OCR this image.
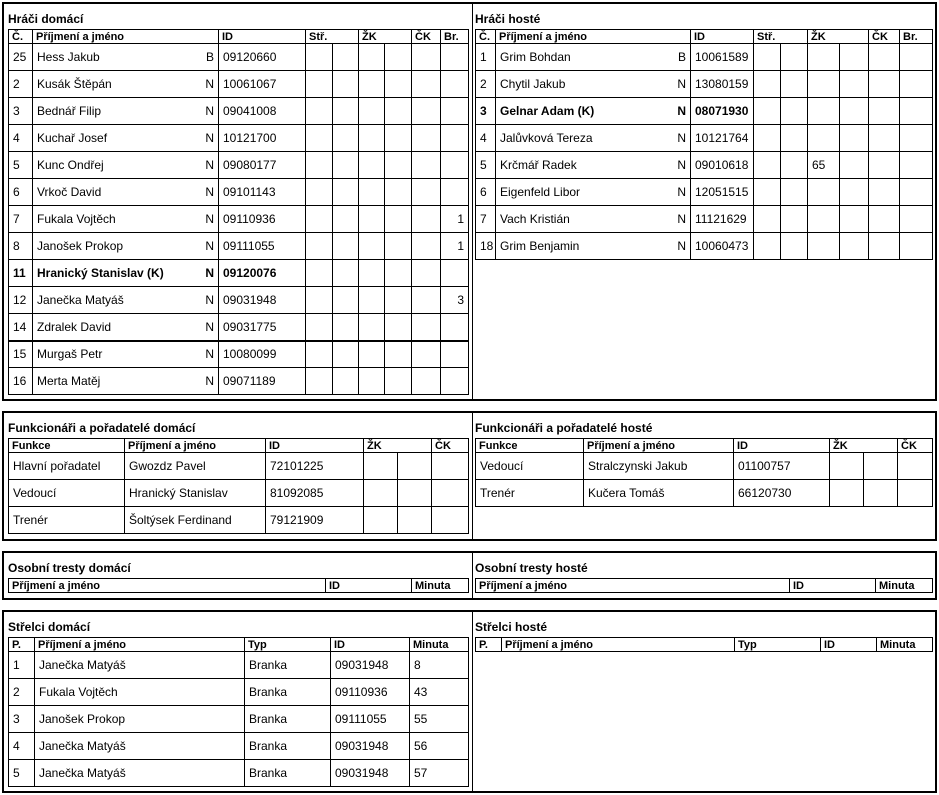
Hráči domácí
Č.	Příjmení a jméno	ID	Stř.		ŽK		ČK	Br.
25	Hess Jakub B	09120660						
2	Kusák Štěpán N	10061067						
3	Bednář Filip N	09041008						
4	Kuchař Josef N	10121700						
5	Kunc Ondřej N	09080177						
6	Vrkoč David N	09101143						
7	Fukala Vojtěch N	09110936						1
8	Janošek Prokop N	09111055						1
11	Hranický Stanislav (K) N	09120076						
12	Janečka Matyáš N	09031948						3
14	Zdralek David N	09031775						
15	Murgaš Petr N	10080099						
16	Merta Matěj N	09071189						
Hráči hosté
Č.	Příjmení a jméno	ID	Stř.		ŽK		ČK	Br.
1	Grim Bohdan B	10061589						
2	Chytil Jakub N	13080159						
3	Gelnar Adam (K) N	08071930						
4	Jalůvková Tereza N	10121764						
5	Krčmář Radek N	09010618			65			
6	Eigenfeld Libor N	12051515						
7	Vach Kristián N	11121629						
18	Grim Benjamin N	10060473						
Funkcionáři a pořadatelé domácí
Funkce	Příjmení a jméno	ID	ŽK		ČK
Hlavní pořadatel	Gwozdz Pavel	72101225			
Vedoucí	Hranický Stanislav	81092085			
Trenér	Šoltýsek Ferdinand	79121909			
Funkcionáři a pořadatelé hosté
Funkce	Příjmení a jméno	ID	ŽK		ČK
Vedoucí	Stralczynski Jakub	01100757			
Trenér	Kučera Tomáš	66120730			
Osobní tresty domácí
Příjmení a jméno	ID	Minuta
Osobní tresty hosté
Příjmení a jméno	ID	Minuta
Střelci domácí
P.	Příjmení a jméno	Typ	ID	Minuta
1	Janečka Matyáš	Branka	09031948	8
2	Fukala Vojtěch	Branka	09110936	43
3	Janošek Prokop	Branka	09111055	55
4	Janečka Matyáš	Branka	09031948	56
5	Janečka Matyáš	Branka	09031948	57
Střelci hosté
P.	Příjmení a jméno	Typ	ID	Minuta
